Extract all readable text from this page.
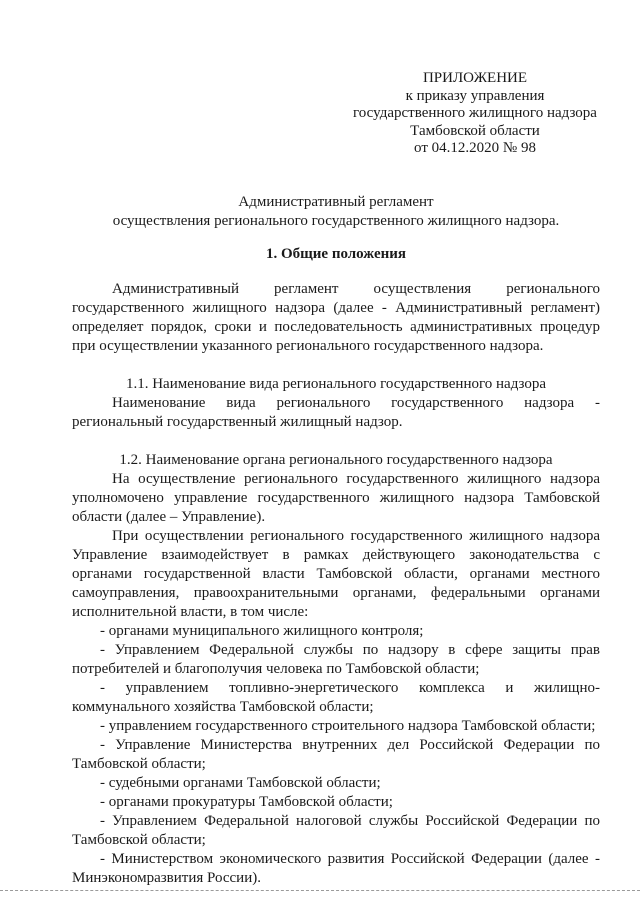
ПРИЛОЖЕНИЕ
к приказу управления
государственного жилищного надзора
Тамбовской области
от 04.12.2020 № 98
Административный регламент
осуществления регионального государственного жилищного надзора.
1. Общие положения

Административный регламент осуществления регионального государственного жилищного надзора (далее - Административный регламент) определяет порядок, сроки и последовательность административных процедур при осуществлении указанного регионального государственного надзора.

1.1. Наименование вида регионального государственного надзора

Наименование вида регионального государственного надзора - региональный государственный жилищный надзор.

1.2. Наименование органа регионального государственного надзора

На осуществление регионального государственного жилищного надзора уполномочено управление государственного жилищного надзора Тамбовской области (далее – Управление).

При осуществлении регионального государственного жилищного надзора Управление взаимодействует в рамках действующего законодательства с органами государственной власти Тамбовской области, органами местного самоуправления, правоохранительными органами, федеральными органами исполнительной власти, в том числе:

- органами муниципального жилищного контроля;

- Управлением Федеральной службы по надзору в сфере защиты прав потребителей и благополучия человека по Тамбовской области;

- управлением топливно-энергетического комплекса и жилищно-коммунального хозяйства Тамбовской области;

- управлением государственного строительного надзора Тамбовской области;

- Управление Министерства внутренних дел Российской Федерации по Тамбовской области;

- судебными органами Тамбовской области;

- органами прокуратуры Тамбовской области;

- Управлением Федеральной налоговой службы Российской Федерации по Тамбовской области;

- Министерством экономического развития Российской Федерации (далее - Минэкономразвития России).
